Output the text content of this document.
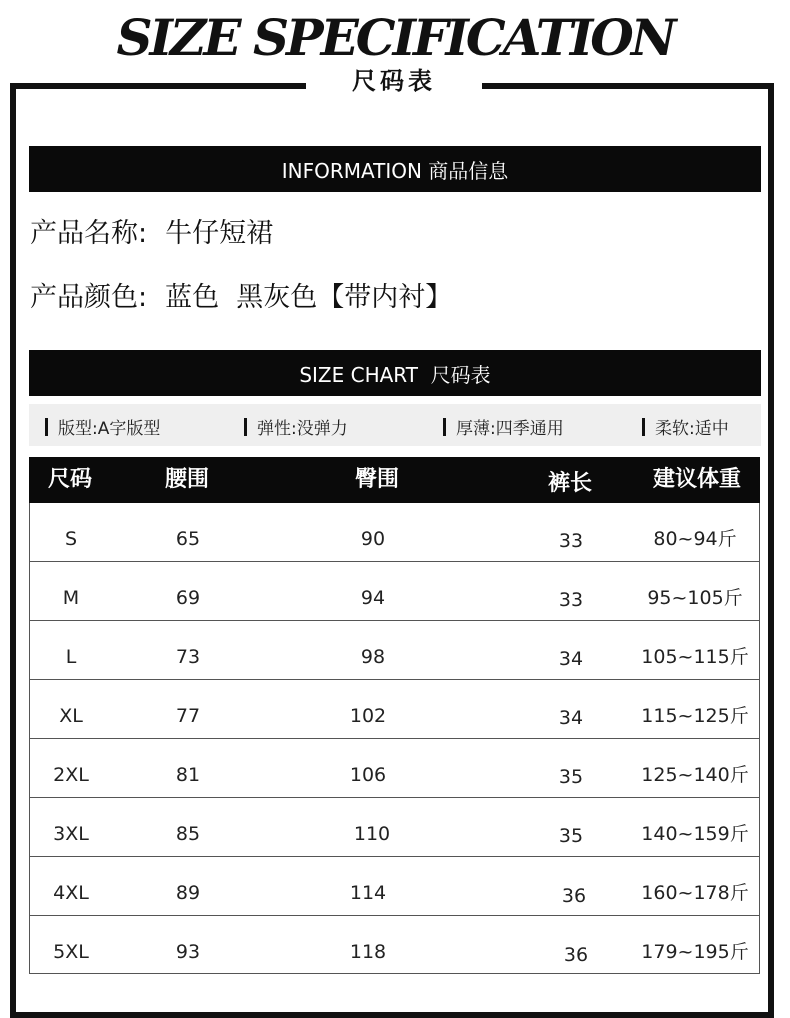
SIZE SPECIFICATION
尺码表
INFORMATION 商品信息
产品名称: 牛仔短裙
产品颜色: 蓝色  黑灰色【带内衬】
SIZE CHART  尺码表
版型: A字版型	弹性: 没弹力	厚薄: 四季通用	柔软: 适中
尺码	腰围	臀围	裤长	建议体重
S	65	90	33	80~94斤
M	69	94	33	95~105斤
L	73	98	34	105~115斤
XL	77	102	34	115~125斤
2XL	81	106	35	125~140斤
3XL	85	110	35	140~159斤
4XL	89	114	36	160~178斤
5XL	93	118	36	179~195斤
